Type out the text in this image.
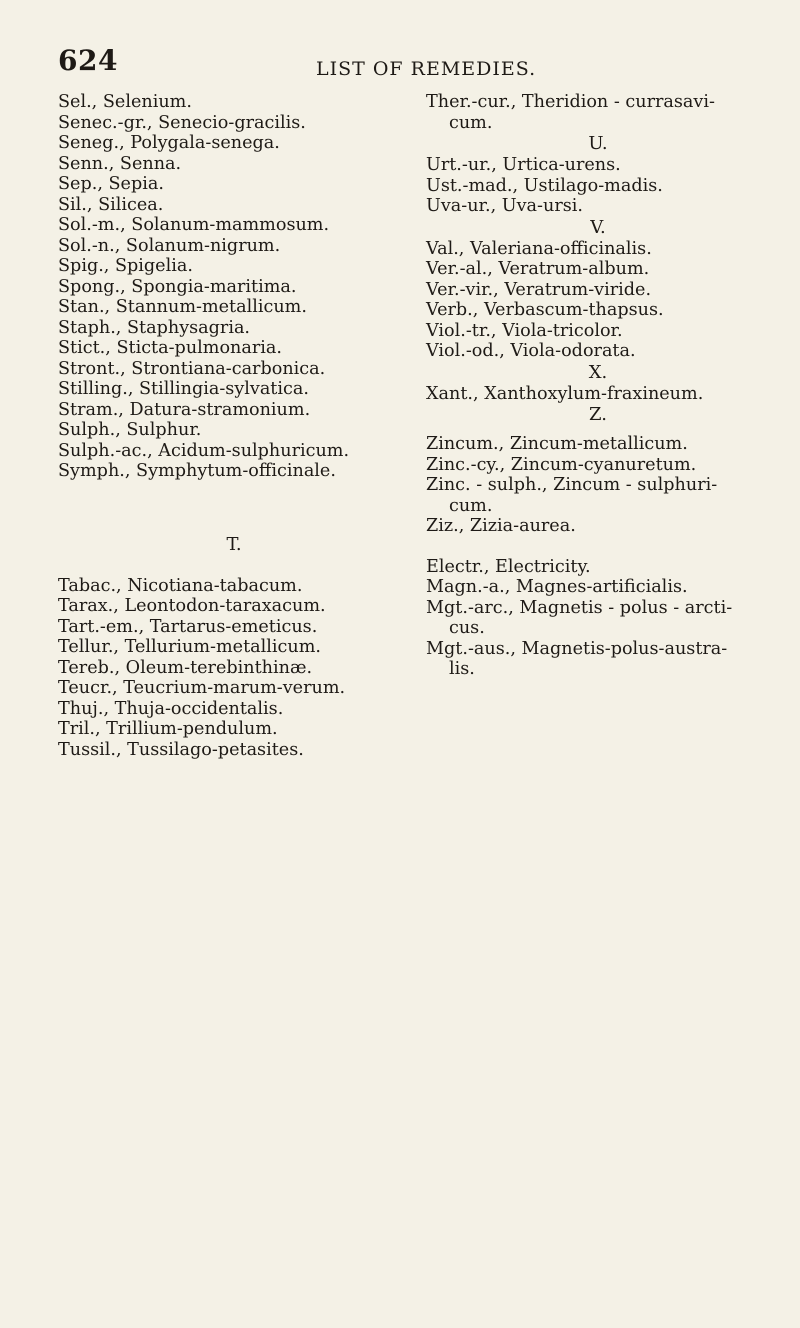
624	LIST OF REMEDIES.

Sel., Selenium.

Senec.-gr., Senecio-gracilis.

Seneg., Polygala-senega.

Senn., Senna.

Sep., Sepia.

Sil., Silicea.

Sol.-m., Solanum-mammosum.

Sol.-n., Solanum-nigrum.

Spig., Spigelia.

Spong., Spongia-maritima.

Stan., Stannum-metallicum.

Staph., Staphysagria.

Stict., Sticta-pulmonaria.

Stront., Strontiana-carbonica.

Stilling., Stillingia-sylvatica.

Stram., Datura-stramonium.

Sulph., Sulphur.

Sulph.-ac., Acidum-sulphuricum.

Symph., Symphytum-officinale.

T.

Tabac., Nicotiana-tabacum.

Tarax., Leontodon-taraxacum.

Tart.-em., Tartarus-emeticus.

Tellur., Tellurium-metallicum.

Tereb., Oleum-terebinthinæ.

Teucr., Teucrium-marum-verum.

Thuj., Thuja-occidentalis.

Tril., Trillium-pendulum.

Tussil., Tussilago-petasites.

Ther.-cur., Theridion - currasavi-

cum.

U.

Urt.-ur., Urtica-urens.

Ust.-mad., Ustilago-madis.

Uva-ur., Uva-ursi.

V.

Val., Valeriana-officinalis.

Ver.-al., Veratrum-album.

Ver.-vir., Veratrum-viride.

Verb., Verbascum-thapsus.

Viol.-tr., Viola-tricolor.

Viol.-od., Viola-odorata.

X.

Xant., Xanthoxylum-fraxineum.

Z.

Zincum., Zincum-metallicum.

Zinc.-cy., Zincum-cyanuretum.

Zinc. - sulph., Zincum - sulphuri-

cum.

Ziz., Zizia-aurea.

Electr., Electricity.

Magn.-a., Magnes-artificialis.

Mgt.-arc., Magnetis - polus - arcti-

cus.

Mgt.-aus., Magnetis-polus-austra-

lis.
